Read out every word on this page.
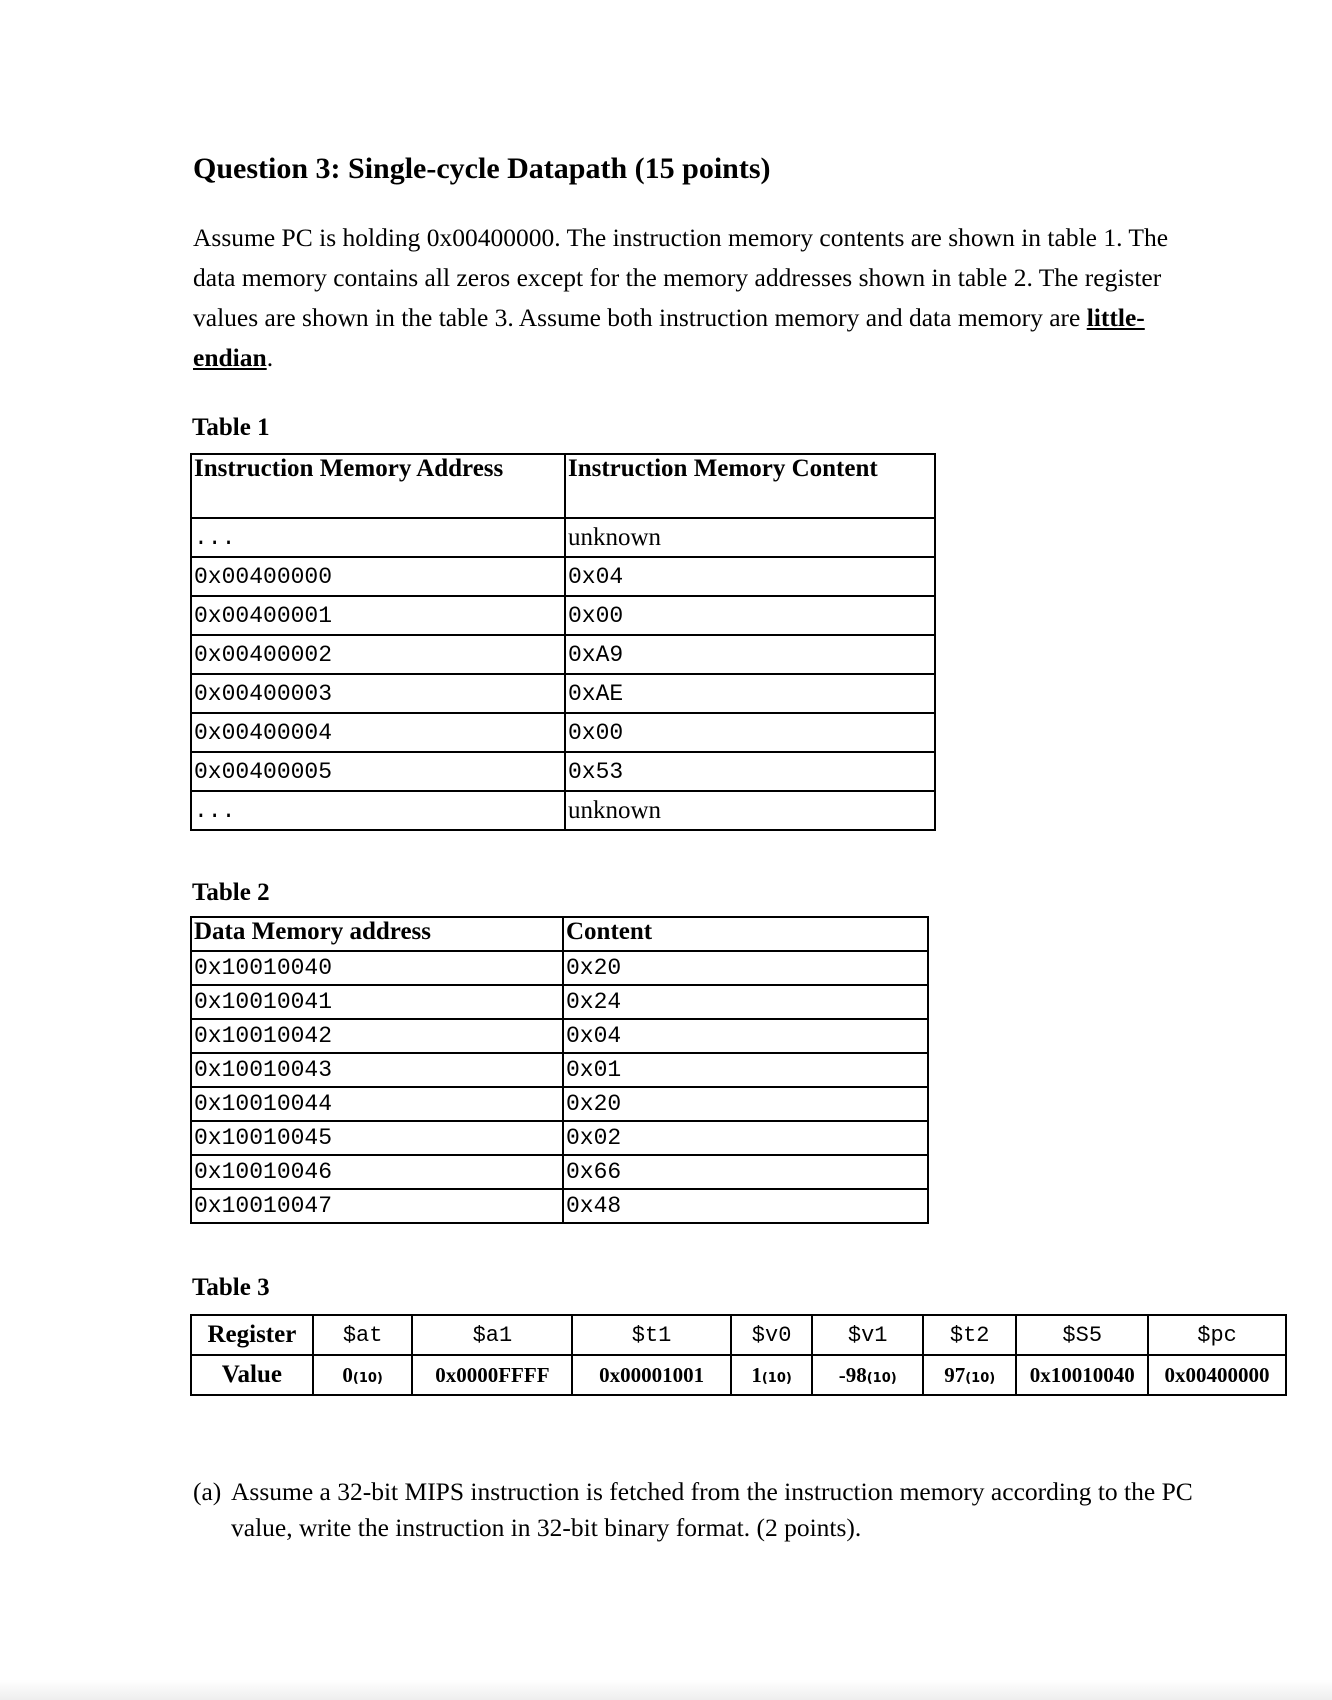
Question 3: Single-cycle Datapath (15 points)
Assume PC is holding 0x00400000. The instruction memory contents are shown in table 1. The data memory contains all zeros except for the memory addresses shown in table 2. The register values are shown in the table 3. Assume both instruction memory and data memory are little-endian.
Table 1
Instruction Memory Address	Instruction Memory Content
...	unknown
0x00400000	0x04
0x00400001	0x00
0x00400002	0xA9
0x00400003	0xAE
0x00400004	0x00
0x00400005	0x53
...	unknown
Table 2
Data Memory address	Content
0x10010040	0x20
0x10010041	0x24
0x10010042	0x04
0x10010043	0x01
0x10010044	0x20
0x10010045	0x02
0x10010046	0x66
0x10010047	0x48
Table 3
Register	$at	$a1	$t1	$v0	$v1	$t2	$S5	$pc
Value	0(10)	0x0000FFFF	0x00001001	1(10)	-98(10)	97(10)	0x10010040	0x00400000
(a) Assume a 32-bit MIPS instruction is fetched from the instruction memory according to the PC value, write the instruction in 32-bit binary format. (2 points).
